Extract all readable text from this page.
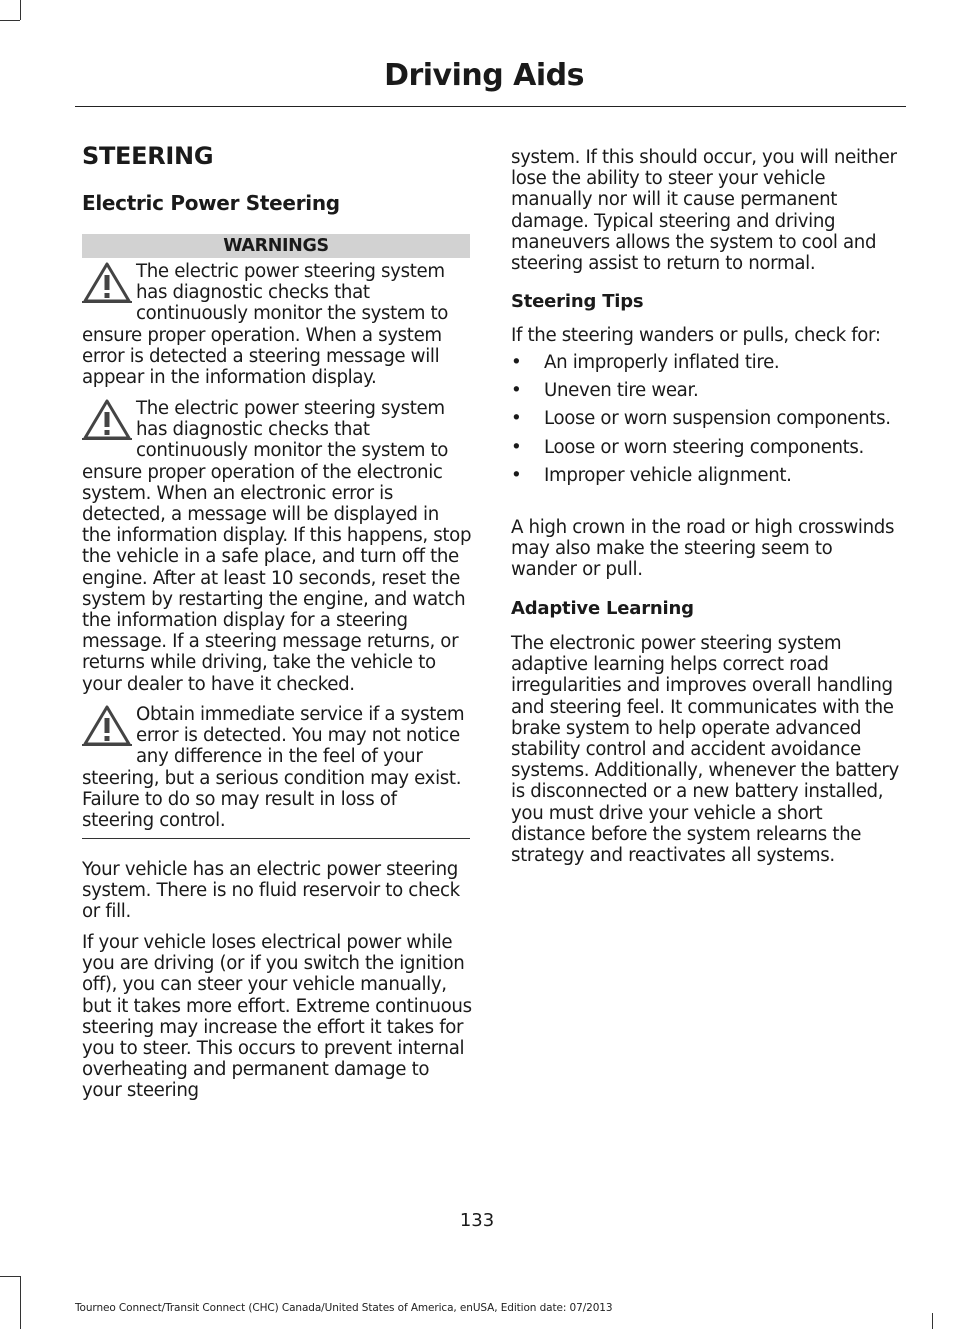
Driving Aids
STEERING
Electric Power Steering
WARNINGS
The electric power steering system has diagnostic checks that continuously monitor the system to ensure proper operation. When a system error is detected a steering message will appear in the information display.
The electric power steering system has diagnostic checks that continuously monitor the system to ensure proper operation of the electronic system. When an electronic error is detected, a message will be displayed in the information display. If this happens, stop the vehicle in a safe place, and turn off the engine. After at least 10 seconds, reset the system by restarting the engine, and watch the information display for a steering message. If a steering message returns, or returns while driving, take the vehicle to your dealer to have it checked.
Obtain immediate service if a system error is detected. You may not notice any difference in the feel of your steering, but a serious condition may exist. Failure to do so may result in loss of steering control.

Your vehicle has an electric power steering system. There is no fluid reservoir to check or fill.

If your vehicle loses electrical power while you are driving (or if you switch the ignition off), you can steer your vehicle manually, but it takes more effort. Extreme continuous steering may increase the effort it takes for you to steer. This occurs to prevent internal overheating and permanent damage to your steering

system. If this should occur, you will neither lose the ability to steer your vehicle manually nor will it cause permanent damage. Typical steering and driving maneuvers allows the system to cool and steering assist to return to normal.

Steering Tips

If the steering wanders or pulls, check for:

• An improperly inflated tire.
• Uneven tire wear.
• Loose or worn suspension components.
• Loose or worn steering components.
• Improper vehicle alignment.

A high crown in the road or high crosswinds may also make the steering seem to wander or pull.

Adaptive Learning

The electronic power steering system adaptive learning helps correct road irregularities and improves overall handling and steering feel. It communicates with the brake system to help operate advanced stability control and accident avoidance systems. Additionally, whenever the battery is disconnected or a new battery installed, you must drive your vehicle a short distance before the system relearns the strategy and reactivates all systems.

133
Tourneo Connect/Transit Connect (CHC) Canada/United States of America, enUSA, Edition date: 07/2013
